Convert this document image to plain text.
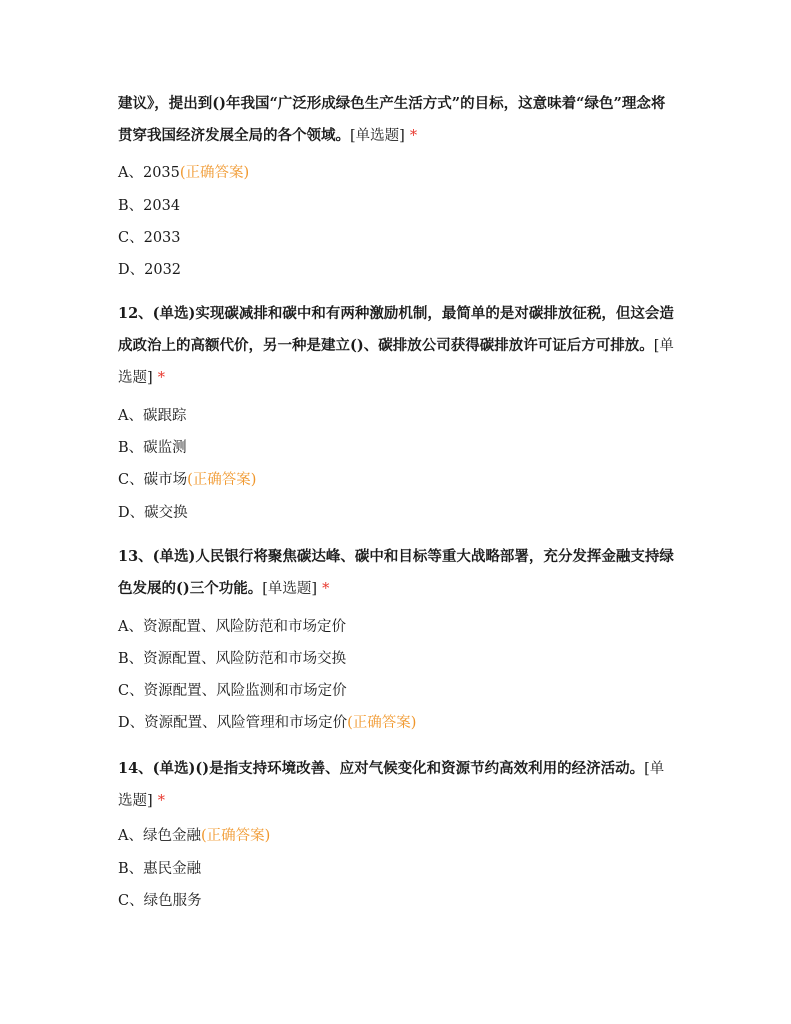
建议》，提出到()年我国“广泛形成绿色生产生活方式”的目标，这意味着“绿色”理念将贯穿我国经济发展全局的各个领域。[单选题] *

A、2035(正确答案)

B、2034

C、2033

D、2032

12、(单选)实现碳减排和碳中和有两种激励机制，最简单的是对碳排放征税，但这会造成政治上的高额代价，另一种是建立()、碳排放公司获得碳排放许可证后方可排放。[单选题] *

A、碳跟踪

B、碳监测

C、碳市场(正确答案)

D、碳交换

13、(单选)人民银行将聚焦碳达峰、碳中和目标等重大战略部署，充分发挥金融支持绿色发展的()三个功能。[单选题] *

A、资源配置、风险防范和市场定价

B、资源配置、风险防范和市场交换

C、资源配置、风险监测和市场定价

D、资源配置、风险管理和市场定价(正确答案)

14、(单选)()是指支持环境改善、应对气候变化和资源节约高效利用的经济活动。[单选题] *

A、绿色金融(正确答案)

B、惠民金融

C、绿色服务
